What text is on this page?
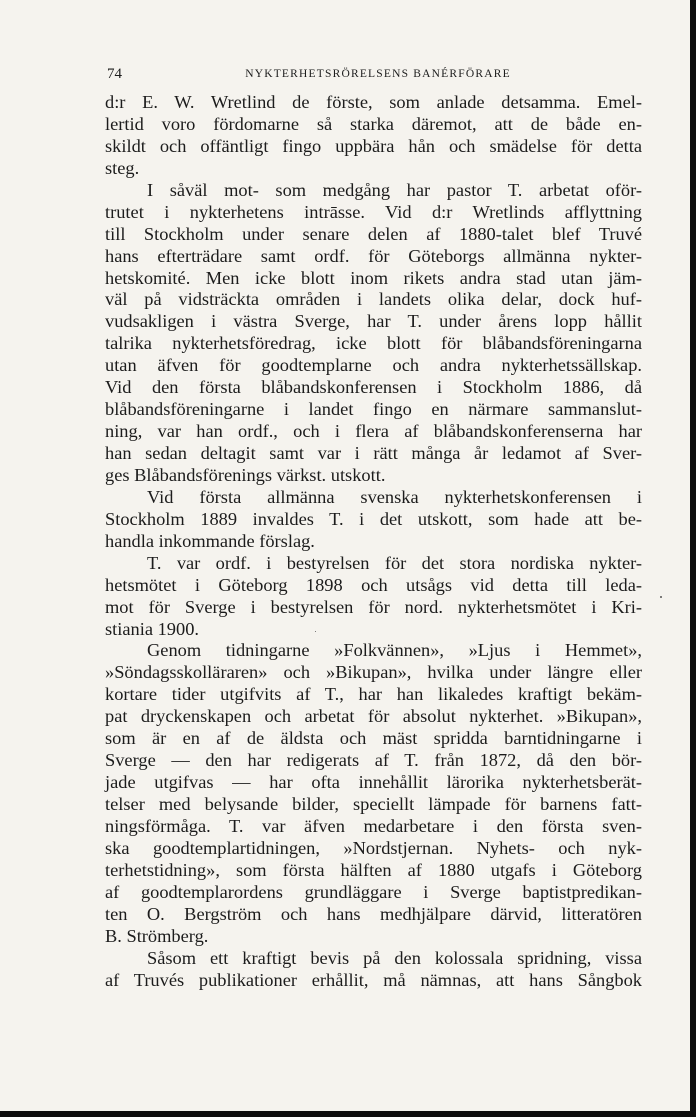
74	NYKTERHETSRÖRELSENS BANÉRFÖRARE
d:r E. W. Wretlind de förste, som anlade detsamma. Emel-
lertid voro fördomarne så starka däremot, att de både en-
skildt och offäntligt fingo uppbära hån och smädelse för detta
steg.
I såväl mot- som medgång har pastor T. arbetat oför-
trutet i nykterhetens intrāsse. Vid d:r Wretlinds afflyttning
till Stockholm under senare delen af 1880-talet blef Truvé
hans efterträdare samt ordf. för Göteborgs allmänna nykter-
hetskomité. Men icke blott inom rikets andra stad utan jäm-
väl på vidsträckta områden i landets olika delar, dock huf-
vudsakligen i västra Sverge, har T. under årens lopp hållit
talrika nykterhetsföredrag, icke blott för blåbandsföreningarna
utan äfven för goodtemplarne och andra nykterhetssällskap.
Vid den första blåbandskonferensen i Stockholm 1886, då
blåbandsföreningarne i landet fingo en närmare sammanslut-
ning, var han ordf., och i flera af blåbandskonferenserna har
han sedan deltagit samt var i rätt många år ledamot af Sver-
ges Blåbandsförenings värkst. utskott.
Vid första allmänna svenska nykterhetskonferensen i
Stockholm 1889 invaldes T. i det utskott, som hade att be-
handla inkommande förslag.
T. var ordf. i bestyrelsen för det stora nordiska nykter-
hetsmötet i Göteborg 1898 och utsågs vid detta till leda-
mot för Sverge i bestyrelsen för nord. nykterhetsmötet i Kri-
stiania 1900.
Genom tidningarne »Folkvännen», »Ljus i Hemmet»,
»Söndagsskolläraren» och »Bikupan», hvilka under längre eller
kortare tider utgifvits af T., har han likaledes kraftigt bekäm-
pat dryckenskapen och arbetat för absolut nykterhet. »Bikupan»,
som är en af de äldsta och mäst spridda barntidningarne i
Sverge — den har redigerats af T. från 1872, då den bör-
jade utgifvas — har ofta innehållit lärorika nykterhetsberät-
telser med belysande bilder, speciellt lämpade för barnens fatt-
ningsförmåga. T. var äfven medarbetare i den första sven-
ska goodtemplartidningen, »Nordstjernan. Nyhets- och nyk-
terhetstidning», som första hälften af 1880 utgafs i Göteborg
af goodtemplarordens grundläggare i Sverge baptistpredikan-
ten O. Bergström och hans medhjälpare därvid, litteratören
B. Strömberg.
Såsom ett kraftigt bevis på den kolossala spridning, vissa
af Truvés publikationer erhållit, må nämnas, att hans Sångbok
